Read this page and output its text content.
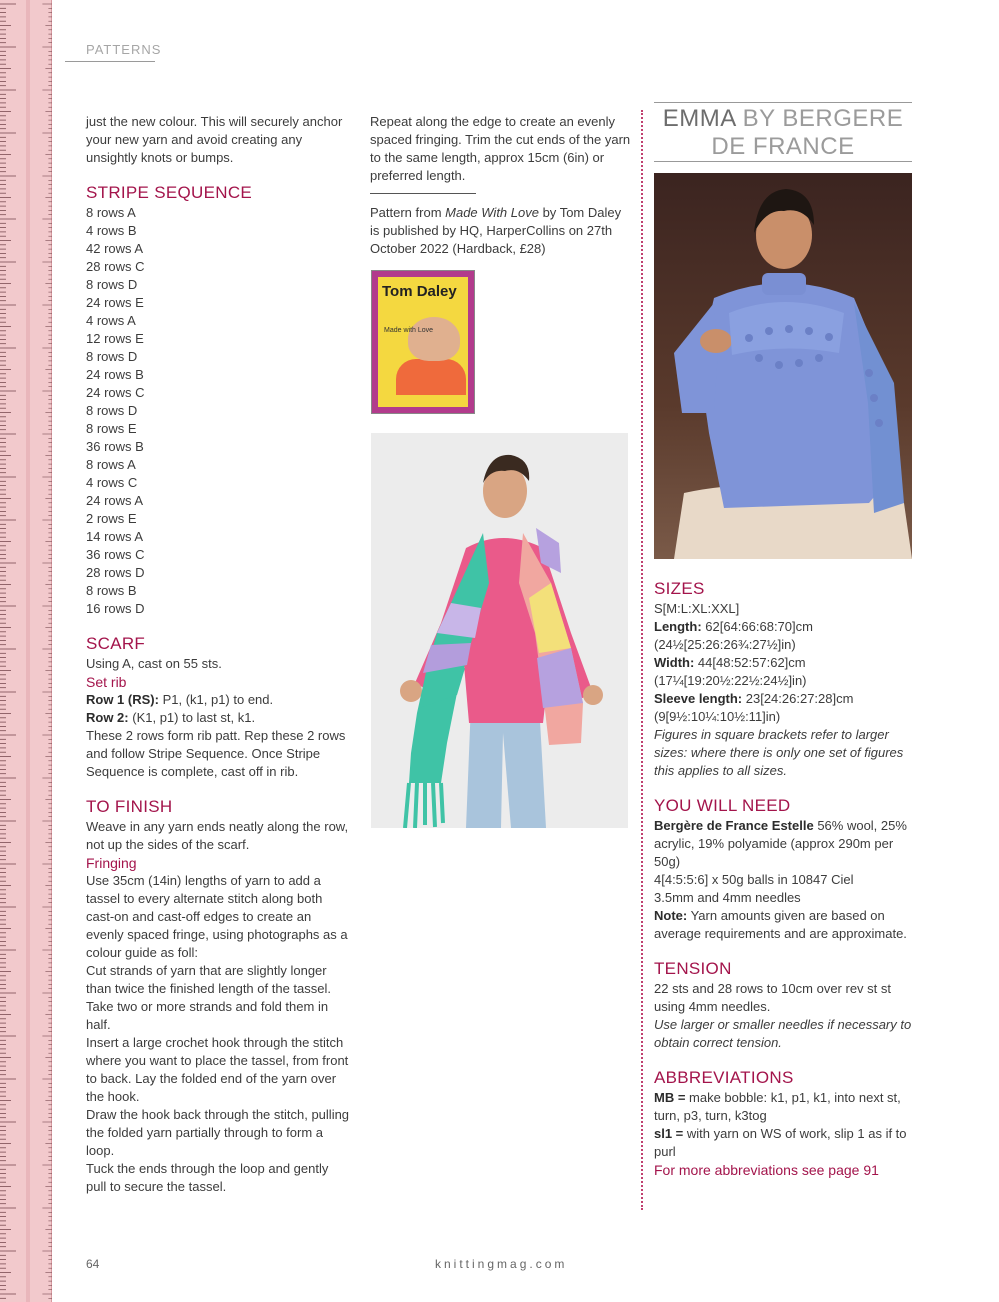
PATTERNS

just the new colour. This will securely anchor your new yarn and avoid creating any unsightly knots or bumps.

STRIPE SEQUENCE

8 rows A

4 rows B

42 rows A

28 rows C

8 rows D

24 rows E

4 rows A

12 rows E

8 rows D

24 rows B

24 rows C

8 rows D

8 rows E

36 rows B

8 rows A

4 rows C

24 rows A

2 rows E

14 rows A

36 rows C

28 rows D

8 rows B

16 rows D

SCARF

Using A, cast on 55 sts.

Set rib

Row 1 (RS): P1, (k1, p1) to end.

Row 2: (K1, p1) to last st, k1.

These 2 rows form rib patt. Rep these 2 rows and follow Stripe Sequence. Once Stripe Sequence is complete, cast off in rib.

TO FINISH

Weave in any yarn ends neatly along the row, not up the sides of the scarf.

Fringing

Use 35cm (14in) lengths of yarn to add a tassel to every alternate stitch along both cast-on and cast-off edges to create an evenly spaced fringe, using photographs as a colour guide as foll:

Cut strands of yarn that are slightly longer than twice the finished length of the tassel. Take two or more strands and fold them in half.

Insert a large crochet hook through the stitch where you want to place the tassel, from front to back. Lay the folded end of the yarn over the hook.

Draw the hook back through the stitch, pulling the folded yarn partially through to form a loop.

Tuck the ends through the loop and gently pull to secure the tassel.

Repeat along the edge to create an evenly spaced fringing. Trim the cut ends of the yarn to the same length, approx 15cm (6in) or preferred length.

Pattern from Made With Love by Tom Daley is published by HQ, HarperCollins on 27th October 2022 (Hardback, £28)

Tom Daley
Made with Love
EMMA BY BERGERE DE FRANCE
SIZES

S[M:L:XL:XXL]

Length: 62[64:66:68:70]cm (24½[25:26:26¾:27½]in)

Width: 44[48:52:57:62]cm (17¼[19:20½:22½:24½]in)

Sleeve length: 23[24:26:27:28]cm (9[9½:10¼:10½:11]in)

Figures in square brackets refer to larger sizes: where there is only one set of figures this applies to all sizes.

YOU WILL NEED

Bergère de France Estelle 56% wool, 25% acrylic, 19% polyamide (approx 290m per 50g)

4[4:5:5:6] x 50g balls in 10847 Ciel

3.5mm and 4mm needles

Note: Yarn amounts given are based on average requirements and are approximate.

TENSION

22 sts and 28 rows to 10cm over rev st st using 4mm needles.

Use larger or smaller needles if necessary to obtain correct tension.

ABBREVIATIONS

MB = make bobble: k1, p1, k1, into next st, turn, p3, turn, k3tog

sl1 = with yarn on WS of work, slip 1 as if to purl

For more abbreviations see page 91

64	knittingmag.com
